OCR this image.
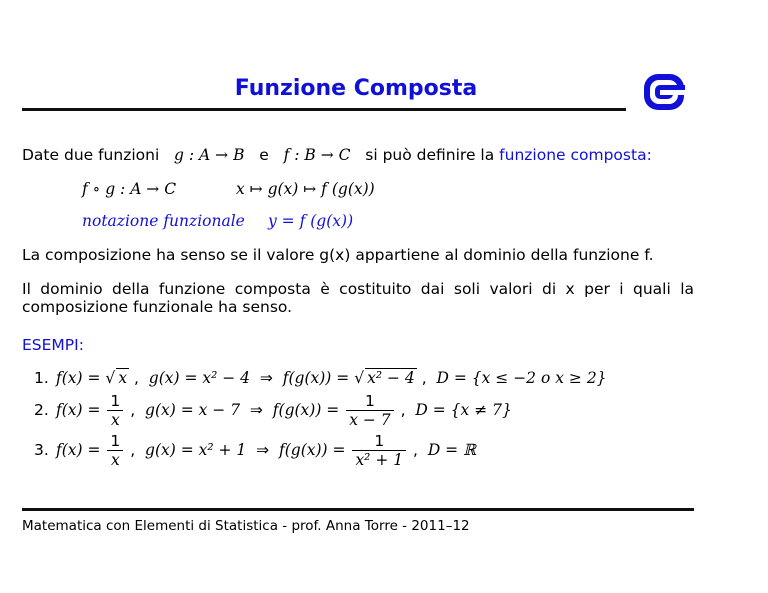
Funzione Composta
Date due funzioni g : A → B e f : B → C si può definire la funzione composta:
f ∘ g : A → C	x ↦ g(x) ↦ f (g(x))
notazione funzionale y = f (g(x))
La composizione ha senso se il valore g(x) appartiene al dominio della funzione f.
Il dominio della funzione composta è costituito dai soli valori di x per i quali la
composizione funzionale ha senso.
ESEMPI:
1. f(x) = √ x ,  g(x) = x² − 4 ⇒ f(g(x)) = √ x² − 4 ,  D = {x ≤ −2 o x ≥ 2}
2. $f(x) = \frac{1}{x}$ ,  g(x) = x − 7 ⇒ $f(g(x)) = \frac{1}{x - 7}$ ,  D = {x ≠ 7}
3. $f(x) = \frac{1}{x}$ ,  g(x) = x² + 1 ⇒ $f(g(x)) = \frac{1}{\text{x² + 1}}$ ,  D = ℝ
Matematica con Elementi di Statistica - prof. Anna Torre - 2011–12
